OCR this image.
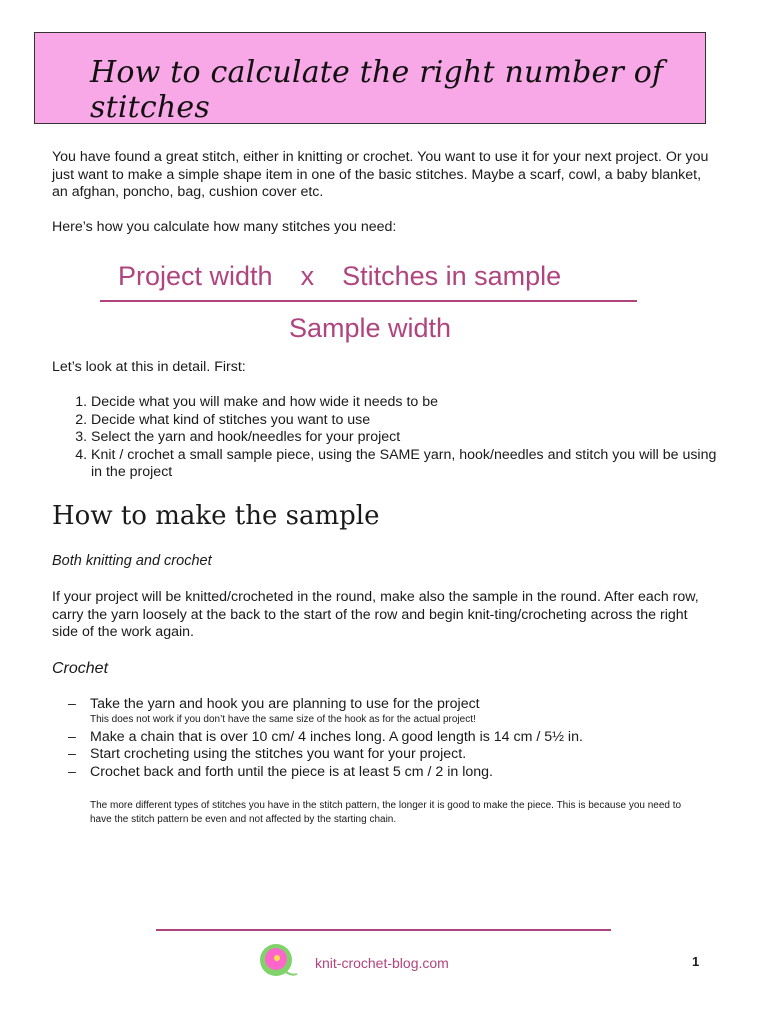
How to calculate the right number of stitches
You have found a great stitch, either in knitting or crochet. You want to use it for your next project. Or you just want to make a simple shape item in one of the basic stitches. Maybe a scarf, cowl, a baby blanket, an afghan, poncho, bag, cushion cover etc.
Here’s how you calculate how many stitches you need:
Project width x Stitches in sample
Sample width
Let’s look at this in detail. First:
1. Decide what you will make and how wide it needs to be
2. Decide what kind of stitches you want to use
3. Select the yarn and hook/needles for your project
4. Knit / crochet a small sample piece, using the SAME yarn, hook/needles and stitch you will be using in the project
How to make the sample
Both knitting and crochet
If your project will be knitted/crocheted in the round, make also the sample in the round. After each row, carry the yarn loosely at the back to the start of the row and begin knit-ting/crocheting across the right side of the work again.
Crochet
– Take the yarn and hook you are planning to use for the project
This does not work if you don’t have the same size of the hook as for the actual project!
– Make a chain that is over 10 cm/ 4 inches long. A good length is 14 cm / 5½ in.
– Start crocheting using the stitches you want for your project.
– Crochet back and forth until the piece is at least 5 cm / 2 in long.
The more different types of stitches you have in the stitch pattern, the longer it is good to make the piece. This is because you need to have the stitch pattern be even and not affected by the starting chain.
knit-crochet-blog.com	1
